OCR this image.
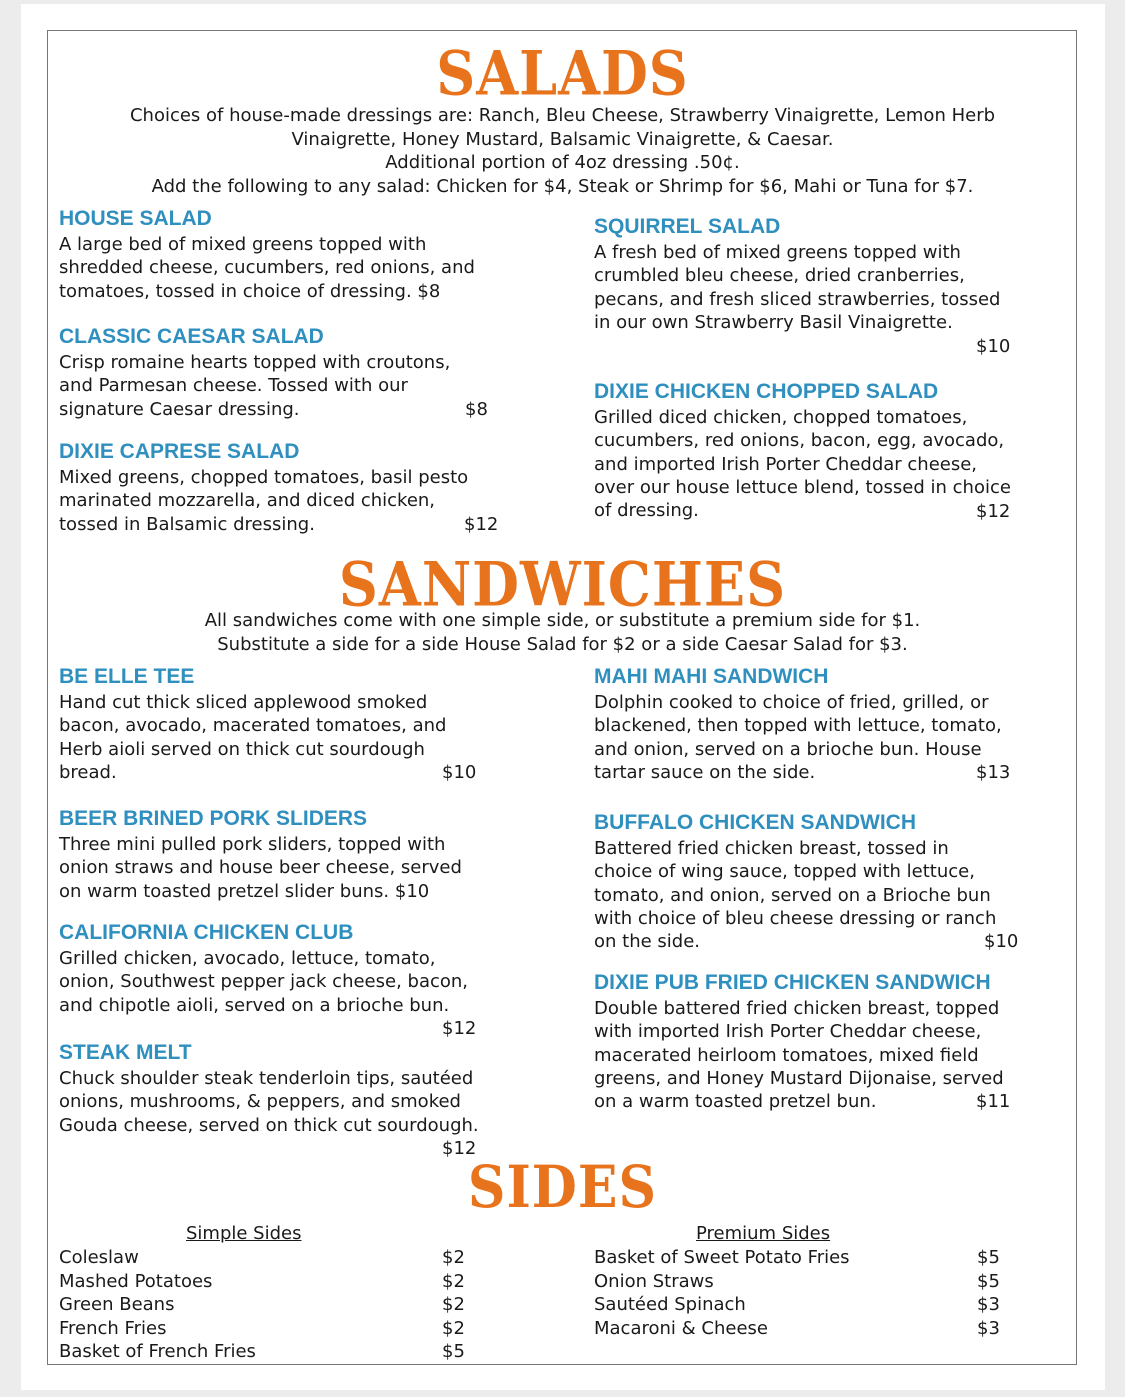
SALADS

Choices of house-made dressings are: Ranch, Bleu Cheese, Strawberry Vinaigrette, Lemon Herb

Vinaigrette, Honey Mustard, Balsamic Vinaigrette, & Caesar.

Additional portion of 4oz dressing .50¢.

Add the following to any salad: Chicken for $4, Steak or Shrimp for $6, Mahi or Tuna for $7.

HOUSE SALAD

A large bed of mixed greens topped with

shredded cheese, cucumbers, red onions, and

tomatoes, tossed in choice of dressing. $8

CLASSIC CAESAR SALAD

Crisp romaine hearts topped with croutons,

and Parmesan cheese. Tossed with our

signature Caesar dressing.	$8
DIXIE CAPRESE SALAD

Mixed greens, chopped tomatoes, basil pesto

marinated mozzarella, and diced chicken,

tossed in Balsamic dressing.	$12
SQUIRREL SALAD

A fresh bed of mixed greens topped with

crumbled bleu cheese, dried cranberries,

pecans, and fresh sliced strawberries, tossed

in our own Strawberry Basil Vinaigrette.

$10
DIXIE CHICKEN CHOPPED SALAD

Grilled diced chicken, chopped tomatoes,

cucumbers, red onions, bacon, egg, avocado,

and imported Irish Porter Cheddar cheese,

over our house lettuce blend, tossed in choice

of dressing.	$12
SANDWICHES

All sandwiches come with one simple side, or substitute a premium side for $1.

Substitute a side for a side House Salad for $2 or a side Caesar Salad for $3.

BE ELLE TEE

Hand cut thick sliced applewood smoked

bacon, avocado, macerated tomatoes, and

Herb aioli served on thick cut sourdough

bread.	$10
BEER BRINED PORK SLIDERS

Three mini pulled pork sliders, topped with

onion straws and house beer cheese, served

on warm toasted pretzel slider buns. $10

CALIFORNIA CHICKEN CLUB

Grilled chicken, avocado, lettuce, tomato,

onion, Southwest pepper jack cheese, bacon,

and chipotle aioli, served on a brioche bun.

$12
STEAK MELT

Chuck shoulder steak tenderloin tips, sautéed

onions, mushrooms, & peppers, and smoked

Gouda cheese, served on thick cut sourdough.

$12
MAHI MAHI SANDWICH

Dolphin cooked to choice of fried, grilled, or

blackened, then topped with lettuce, tomato,

and onion, served on a brioche bun. House

tartar sauce on the side.	$13
BUFFALO CHICKEN SANDWICH

Battered fried chicken breast, tossed in

choice of wing sauce, topped with lettuce,

tomato, and onion, served on a Brioche bun

with choice of bleu cheese dressing or ranch

on the side.	$10
DIXIE PUB FRIED CHICKEN SANDWICH

Double battered fried chicken breast, topped

with imported Irish Porter Cheddar cheese,

macerated heirloom tomatoes, mixed field

greens, and Honey Mustard Dijonaise, served

on a warm toasted pretzel bun.	$11
SIDES
Simple Sides	Premium Sides
Coleslaw	$2
Mashed Potatoes	$2
Green Beans	$2
French Fries	$2
Basket of French Fries	$5
Basket of Sweet Potato Fries	$5
Onion Straws	$5
Sautéed Spinach	$3
Macaroni & Cheese	$3
